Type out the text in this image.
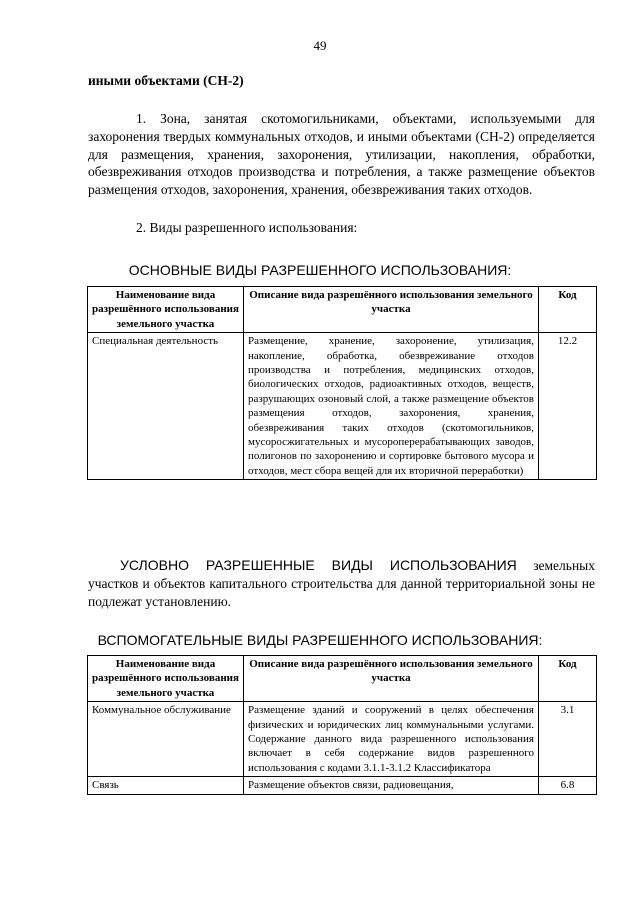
49
иными объектами (СН-2)

1. Зона, занятая скотомогильниками, объектами, используемыми для захоронения твердых коммунальных отходов, и иными объектами (СН-2) определяется для размещения, хранения, захоронения, утилизации, накопления, обработки, обезвреживания отходов производства и потребления, а также размещение объектов размещения отходов, захоронения, хранения, обезвреживания таких отходов.

2. Виды разрешенного использования:

ОСНОВНЫЕ ВИДЫ РАЗРЕШЕННОГО ИСПОЛЬЗОВАНИЯ:
Наименование вида разрешённого использования земельного участка	Описание вида разрешённого использования земельного участка	Код
Специальная деятельность	Размещение, хранение, захоронение, утилизация, накопление, обработка, обезвреживание отходов производства и потребления, медицинских отходов, биологических отходов, радиоактивных отходов, веществ, разрушающих озоновый слой, а также размещение объектов размещения отходов, захоронения, хранения, обезвреживания таких отходов (скотомогильников, мусоросжигательных и мусороперерабатывающих заводов, полигонов по захоронению и сортировке бытового мусора и отходов, мест сбора вещей для их вторичной переработки)	12.2

УСЛОВНО РАЗРЕШЕННЫЕ ВИДЫ ИСПОЛЬЗОВАНИЯ земельных участков и объектов капитального строительства для данной территориальной зоны не подлежат установлению.

ВСПОМОГАТЕЛЬНЫЕ ВИДЫ РАЗРЕШЕННОГО ИСПОЛЬЗОВАНИЯ:
Наименование вида разрешённого использования земельного участка	Описание вида разрешённого использования земельного участка	Код
Коммунальное обслуживание	Размещение зданий и сооружений в целях обеспечения физических и юридических лиц коммунальными услугами. Содержание данного вида разрешенного использования включает в себя содержание видов разрешенного использования с кодами 3.1.1-3.1.2 Классификатора	3.1
Связь	Размещение объектов связи, радиовещания,	6.8
